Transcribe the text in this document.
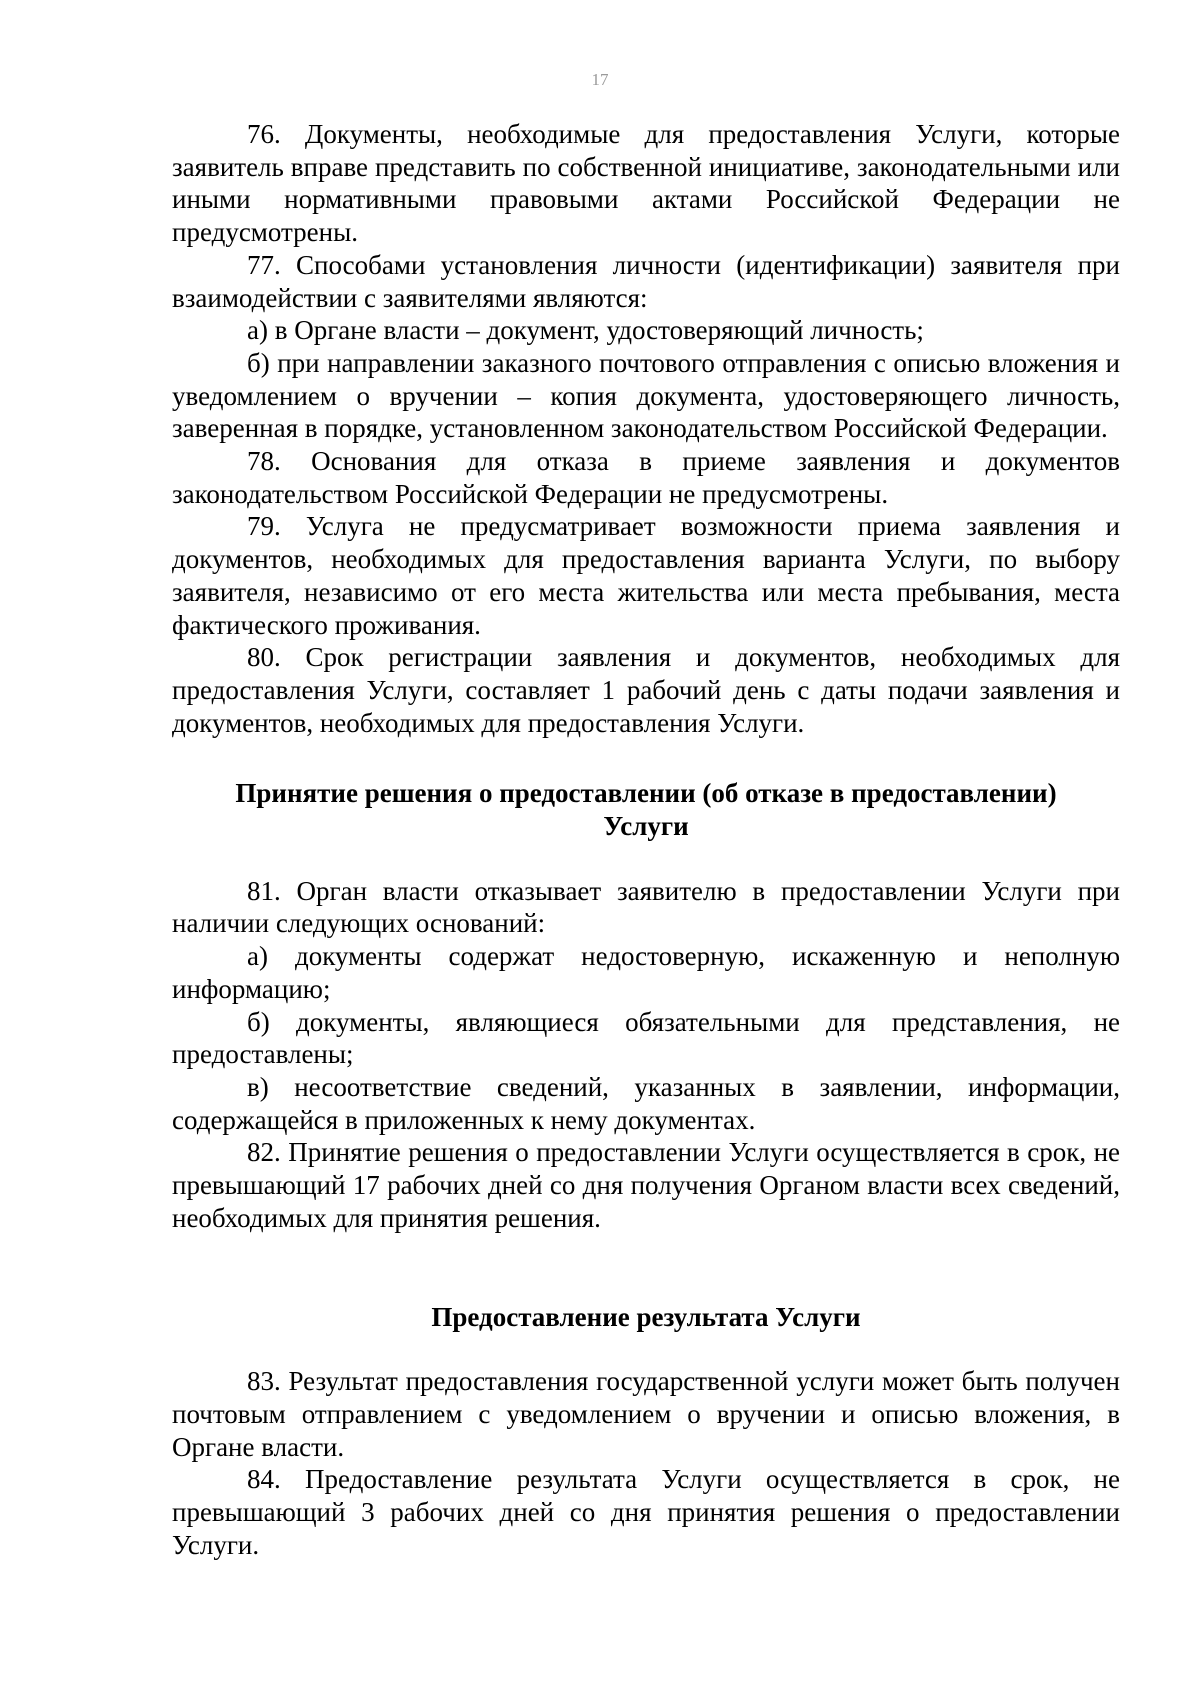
17

76. Документы, необходимые для предоставления Услуги, которые заявитель вправе представить по собственной инициативе, законодательными или иными нормативными правовыми актами Российской Федерации не предусмотрены.

77. Способами установления личности (идентификации) заявителя при взаимодействии с заявителями являются:

а) в Органе власти – документ, удостоверяющий личность;

б) при направлении заказного почтового отправления с описью вложения и уведомлением о вручении – копия документа, удостоверяющего личность, заверенная в порядке, установленном законодательством Российской Федерации.

78. Основания для отказа в приеме заявления и документов законодательством Российской Федерации не предусмотрены.

79. Услуга не предусматривает возможности приема заявления и документов, необходимых для предоставления варианта Услуги, по выбору заявителя, независимо от его места жительства или места пребывания, места фактического проживания.

80. Срок регистрации заявления и документов, необходимых для предоставления Услуги, составляет 1 рабочий день с даты подачи заявления и документов, необходимых для предоставления Услуги.

Принятие решения о предоставлении (об отказе в предоставлении)
Услуги

81. Орган власти отказывает заявителю в предоставлении Услуги при наличии следующих оснований:

а) документы содержат недостоверную, искаженную и неполную информацию;

б) документы, являющиеся обязательными для представления, не предоставлены;

в) несоответствие сведений, указанных в заявлении, информации, содержащейся в приложенных к нему документах.

82. Принятие решения о предоставлении Услуги осуществляется в срок, не превышающий 17 рабочих дней со дня получения Органом власти всех сведений, необходимых для принятия решения.

Предоставление результата Услуги

83. Результат предоставления государственной услуги может быть получен почтовым отправлением с уведомлением о вручении и описью вложения, в Органе власти.

84. Предоставление результата Услуги осуществляется в срок, не превышающий 3 рабочих дней со дня принятия решения о предоставлении Услуги.
